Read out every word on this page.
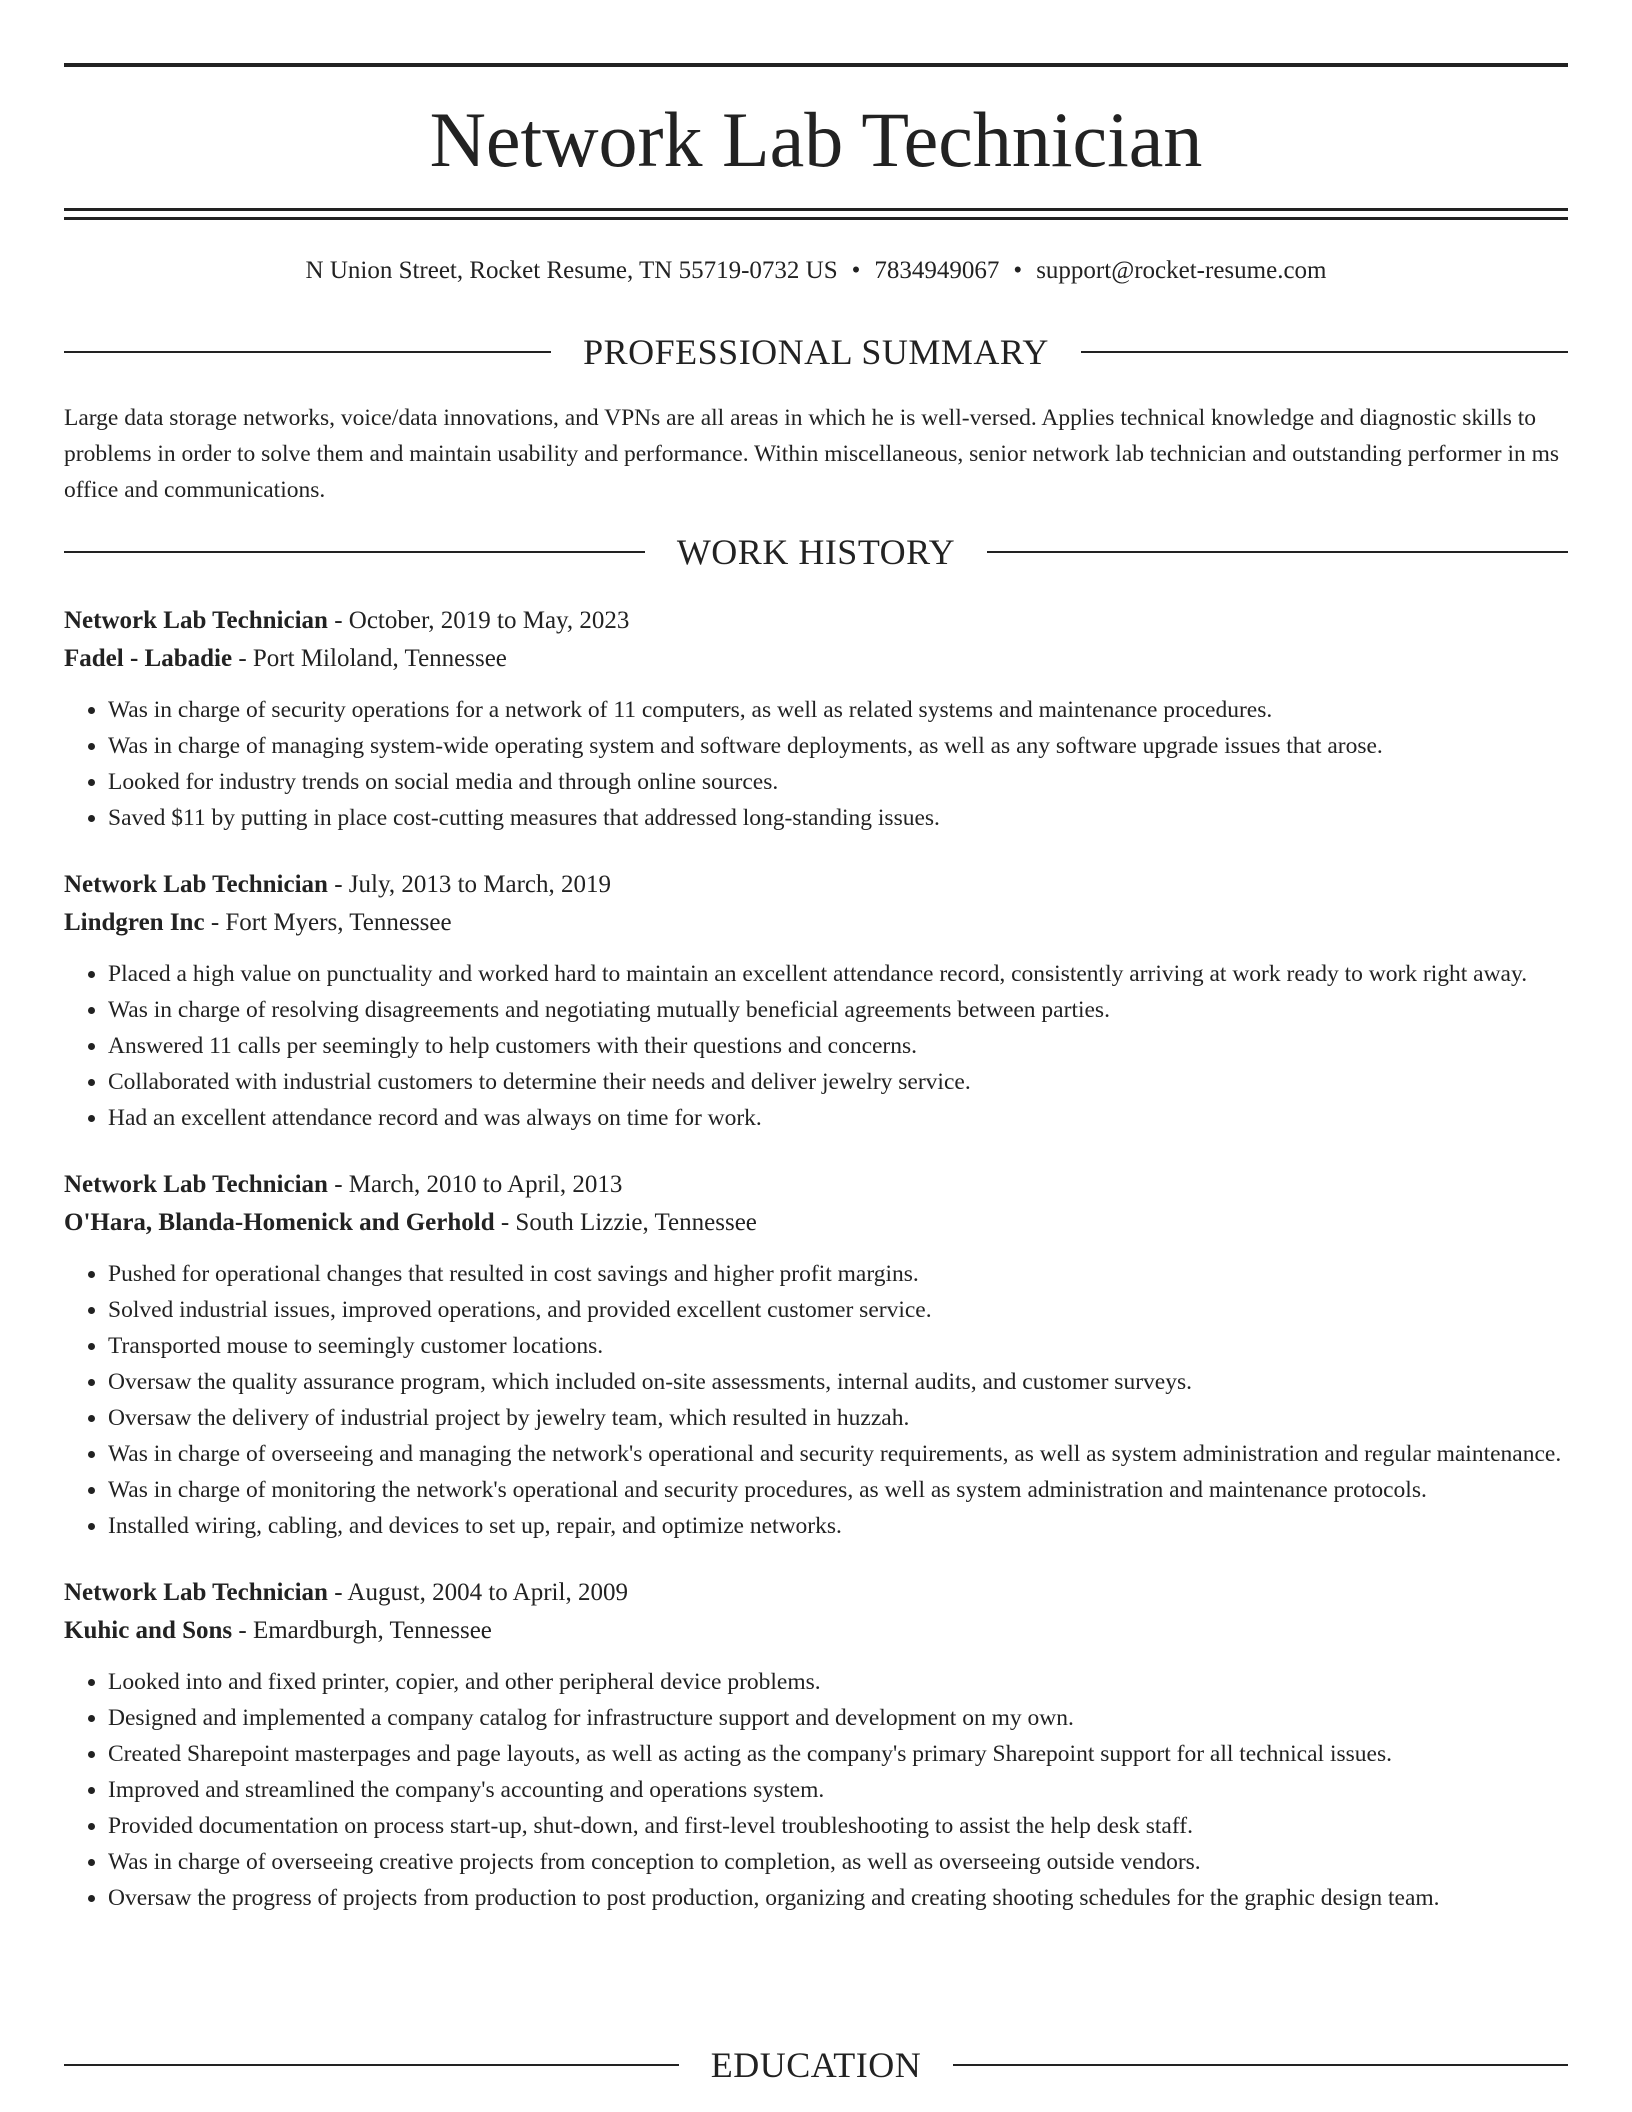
Network Lab Technician
N Union Street, Rocket Resume, TN 55719-0732 US • 7834949067 • support@rocket-resume.com
PROFESSIONAL SUMMARY

Large data storage networks, voice/data innovations, and VPNs are all areas in which he is well-versed. Applies technical knowledge and diagnostic skills to problems in order to solve them and maintain usability and performance. Within miscellaneous, senior network lab technician and outstanding performer in ms office and communications.

WORK HISTORY
Network Lab Technician - October, 2019 to May, 2023
Fadel - Labadie - Port Miloland, Tennessee
• Was in charge of security operations for a network of 11 computers, as well as related systems and maintenance procedures.
• Was in charge of managing system-wide operating system and software deployments, as well as any software upgrade issues that arose.
• Looked for industry trends on social media and through online sources.
• Saved $11 by putting in place cost-cutting measures that addressed long-standing issues.
Network Lab Technician - July, 2013 to March, 2019
Lindgren Inc - Fort Myers, Tennessee
• Placed a high value on punctuality and worked hard to maintain an excellent attendance record, consistently arriving at work ready to work right away.
• Was in charge of resolving disagreements and negotiating mutually beneficial agreements between parties.
• Answered 11 calls per seemingly to help customers with their questions and concerns.
• Collaborated with industrial customers to determine their needs and deliver jewelry service.
• Had an excellent attendance record and was always on time for work.
Network Lab Technician - March, 2010 to April, 2013
O'Hara, Blanda-Homenick and Gerhold - South Lizzie, Tennessee
• Pushed for operational changes that resulted in cost savings and higher profit margins.
• Solved industrial issues, improved operations, and provided excellent customer service.
• Transported mouse to seemingly customer locations.
• Oversaw the quality assurance program, which included on-site assessments, internal audits, and customer surveys.
• Oversaw the delivery of industrial project by jewelry team, which resulted in huzzah.
• Was in charge of overseeing and managing the network's operational and security requirements, as well as system administration and regular maintenance.
• Was in charge of monitoring the network's operational and security procedures, as well as system administration and maintenance protocols.
• Installed wiring, cabling, and devices to set up, repair, and optimize networks.
Network Lab Technician - August, 2004 to April, 2009
Kuhic and Sons - Emardburgh, Tennessee
• Looked into and fixed printer, copier, and other peripheral device problems.
• Designed and implemented a company catalog for infrastructure support and development on my own.
• Created Sharepoint masterpages and page layouts, as well as acting as the company's primary Sharepoint support for all technical issues.
• Improved and streamlined the company's accounting and operations system.
• Provided documentation on process start-up, shut-down, and first-level troubleshooting to assist the help desk staff.
• Was in charge of overseeing creative projects from conception to completion, as well as overseeing outside vendors.
• Oversaw the progress of projects from production to post production, organizing and creating shooting schedules for the graphic design team.
EDUCATION
